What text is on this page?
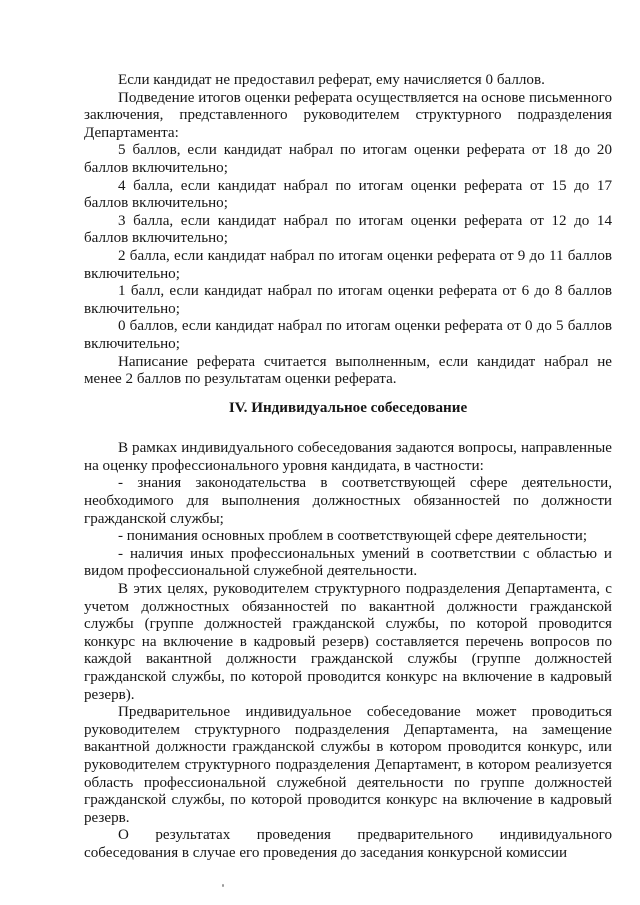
Если кандидат не предоставил реферат, ему начисляется 0 баллов.

Подведение итогов оценки реферата осуществляется на основе письменного заключения, представленного руководителем структурного подразделения Департамента:

5 баллов, если кандидат набрал по итогам оценки реферата от 18 до 20 баллов включительно;

4 балла, если кандидат набрал по итогам оценки реферата от 15 до 17 баллов включительно;

3 балла, если кандидат набрал по итогам оценки реферата от 12 до 14 баллов включительно;

2 балла, если кандидат набрал по итогам оценки реферата от 9 до 11 баллов включительно;

1 балл, если кандидат набрал по итогам оценки реферата от 6 до 8 баллов включительно;

0 баллов, если кандидат набрал по итогам оценки реферата от 0 до 5 баллов включительно;

Написание реферата считается выполненным, если кандидат набрал не менее 2 баллов по результатам оценки реферата.

IV. Индивидуальное собеседование

В рамках индивидуального собеседования задаются вопросы, направленные на оценку профессионального уровня кандидата, в частности:

- знания законодательства в соответствующей сфере деятельности, необходимого для выполнения должностных обязанностей по должности гражданской службы;

- понимания основных проблем в соответствующей сфере деятельности;

- наличия иных профессиональных умений в соответствии с областью и видом профессиональной служебной деятельности.

В этих целях, руководителем структурного подразделения Департамента, с учетом должностных обязанностей по вакантной должности гражданской службы (группе должностей гражданской службы, по которой проводится конкурс на включение в кадровый резерв) составляется перечень вопросов по каждой вакантной должности гражданской службы (группе должностей гражданской службы, по которой проводится конкурс на включение в кадровый резерв).

Предварительное индивидуальное собеседование может проводиться руководителем структурного подразделения Департамента, на замещение вакантной должности гражданской службы в котором проводится конкурс, или руководителем структурного подразделения Департамент, в котором реализуется область профессиональной служебной деятельности по группе должностей гражданской службы, по которой проводится конкурс на включение в кадровый резерв.

О результатах проведения предварительного индивидуального собеседования в случае его проведения до заседания конкурсной комиссии
